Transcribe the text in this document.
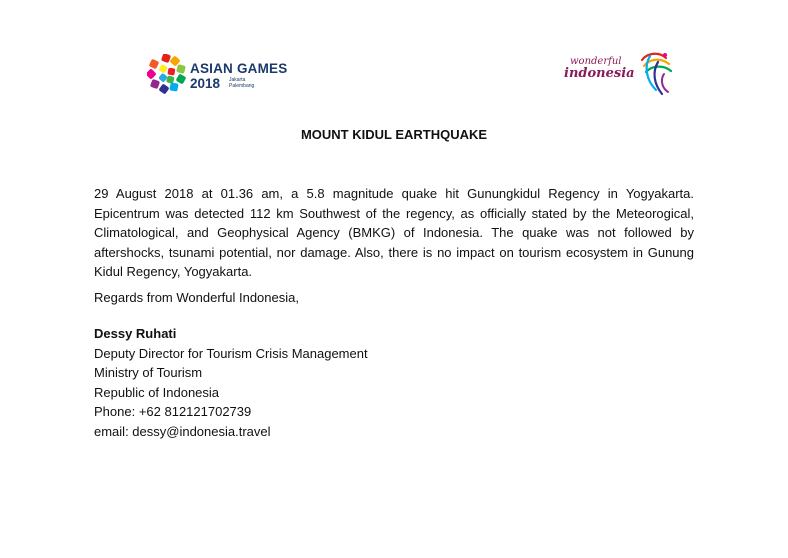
ASIAN GAMES
2018 Jakarta
Palembang
wonderful
indonesia
MOUNT KIDUL EARTHQUAKE

29 August 2018 at 01.36 am, a 5.8 magnitude quake hit Gunungkidul Regency in Yogyakarta. Epicentrum was detected 112 km Southwest of the regency, as officially stated by the Meteorogical, Climatological, and Geophysical Agency (BMKG) of Indonesia. The quake was not followed by aftershocks, tsunami potential, nor damage. Also, there is no impact on tourism ecosystem in Gunung Kidul Regency, Yogyakarta.

Regards from Wonderful Indonesia,

Dessy Ruhati
Deputy Director for Tourism Crisis Management
Ministry of Tourism
Republic of Indonesia
Phone: +62 812121702739
email: dessy@indonesia.travel
